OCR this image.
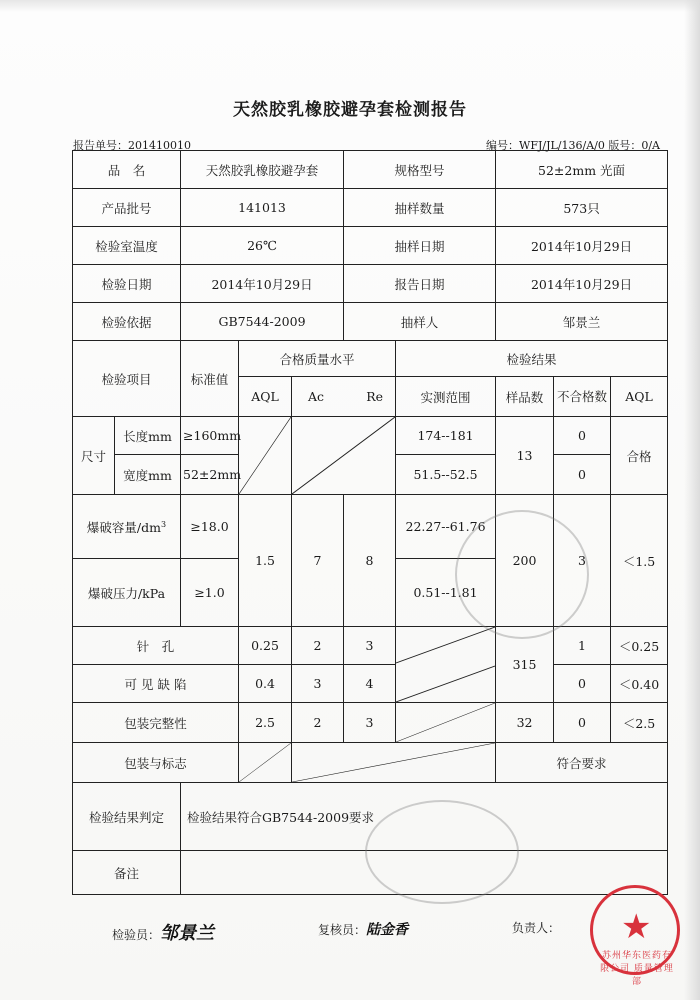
天然胶乳橡胶避孕套检测报告
报告单号：201410010	编号：WFJ/JL/136/A/0 版号：0/A
品　名		天然胶乳橡胶避孕套			规格型号		52±2mm 光面		
产品批号		141013			抽样数量		573只		
检验室温度		26℃			抽样日期		2014年10月29日		
检验日期		2014年10月29日			报告日期		2014年10月29日		
检验依据		GB7544-2009			抽样人		邹景兰		
检验项目		标准值	合格质量水平			检验结果			
			AQL	Ac Re		实测范围	样品数	不合格数	AQL
尺寸	长度mm	≥160mm				174--181	13	0	合格
	宽度mm	52±2mm				51.5--52.5		0	
爆破容量$/dm^3$		≥18.0	1.5	7	8	22.27--61.76	200	3	＜1.5
爆破压力/kPa		≥1.0				0.51--1.81			
针　孔			0.25	2	3		315	1	＜0.25
可 见 缺 陷			0.4	3	4			0	＜0.40
包装完整性			2.5	2	3		32	0	＜2.5
包装与标志							符合要求		
检验结果判定		检验结果符合GB7544-2009要求							
备注									
检验员：邹景兰	复核员：陆金香	负责人： ★
苏州华东医药有限公司 质量管理部
